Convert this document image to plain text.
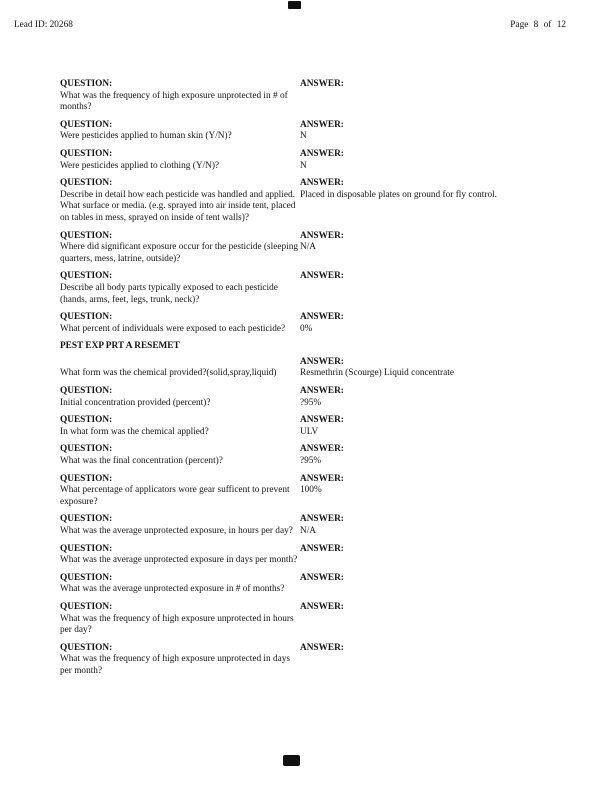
Lead ID: 20268	Page 8 of 12
QUESTION:
What was the frequency of high exposure unprotected in # of months?
ANSWER:
QUESTION:
Were pesticides applied to human skin (Y/N)?
ANSWER:
N
QUESTION:
Were pesticides applied to clothing (Y/N)?
ANSWER:
N
QUESTION:
Describe in detail how each pesticide was handled and applied. What surface or media. (e.g. sprayed into air inside tent, placed on tables in mess, sprayed on inside of tent walls)?
ANSWER:
Placed in disposable plates on ground for fly control.
QUESTION:
Where did significant exposure occur for the pesticide (sleeping quarters, mess, latrine, outside)?
ANSWER:
N/A
QUESTION:
Describe all body parts typically exposed to each pesticide (hands, arms, feet, legs, trunk, neck)?
ANSWER:
QUESTION:
What percent of individuals were exposed to each pesticide?
ANSWER:
0%
PEST EXP PRT A RESEMET
What form was the chemical provided?(solid,spray,liquid)
ANSWER:
Resmethrin (Scourge) Liquid concentrate
QUESTION:
Initial concentration provided (percent)?
ANSWER:
?95%
QUESTION:
In what form was the chemical applied?
ANSWER:
ULV
QUESTION:
What was the final concentration (percent)?
ANSWER:
?95%
QUESTION:
What percentage of applicators wore gear sufficent to prevent exposure?
ANSWER:
100%
QUESTION:
What was the average unprotected exposure, in hours per day?
ANSWER:
N/A
QUESTION:
What was the average unprotected exposure in days per month?
ANSWER:
QUESTION:
What was the average unprotected exposure in # of months?
ANSWER:
QUESTION:
What was the frequency of high exposure unprotected in hours per day?
ANSWER:
QUESTION:
What was the frequency of high exposure unprotected in days per month?
ANSWER:
